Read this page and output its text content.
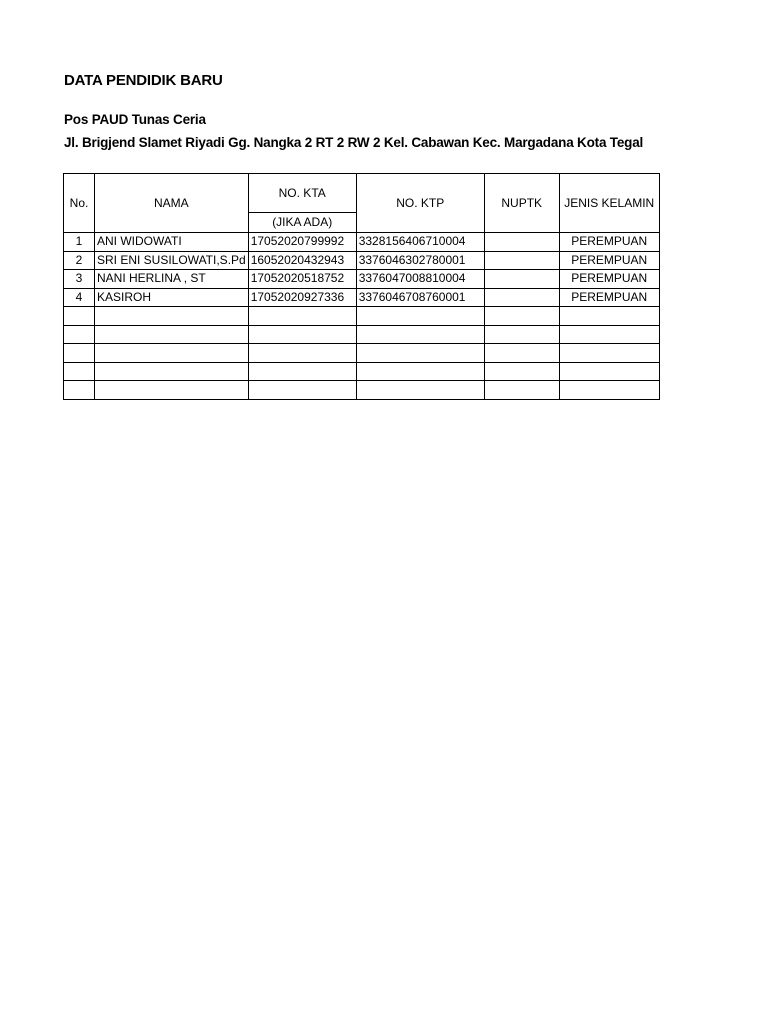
DATA PENDIDIK BARU
Pos PAUD Tunas Ceria
Jl. Brigjend Slamet Riyadi Gg. Nangka 2 RT 2 RW 2 Kel. Cabawan Kec. Margadana Kota Tegal
No.	NAMA	NO. KTA	NO. KTP	NUPTK	JENIS KELAMIN
		(JIKA ADA)			
1	ANI WIDOWATI	17052020799992	3328156406710004		PEREMPUAN
2	SRI ENI SUSILOWATI,S.Pd	16052020432943	3376046302780001		PEREMPUAN
3	NANI HERLINA , ST	17052020518752	3376047008810004		PEREMPUAN
4	KASIROH	17052020927336	3376046708760001		PEREMPUAN
